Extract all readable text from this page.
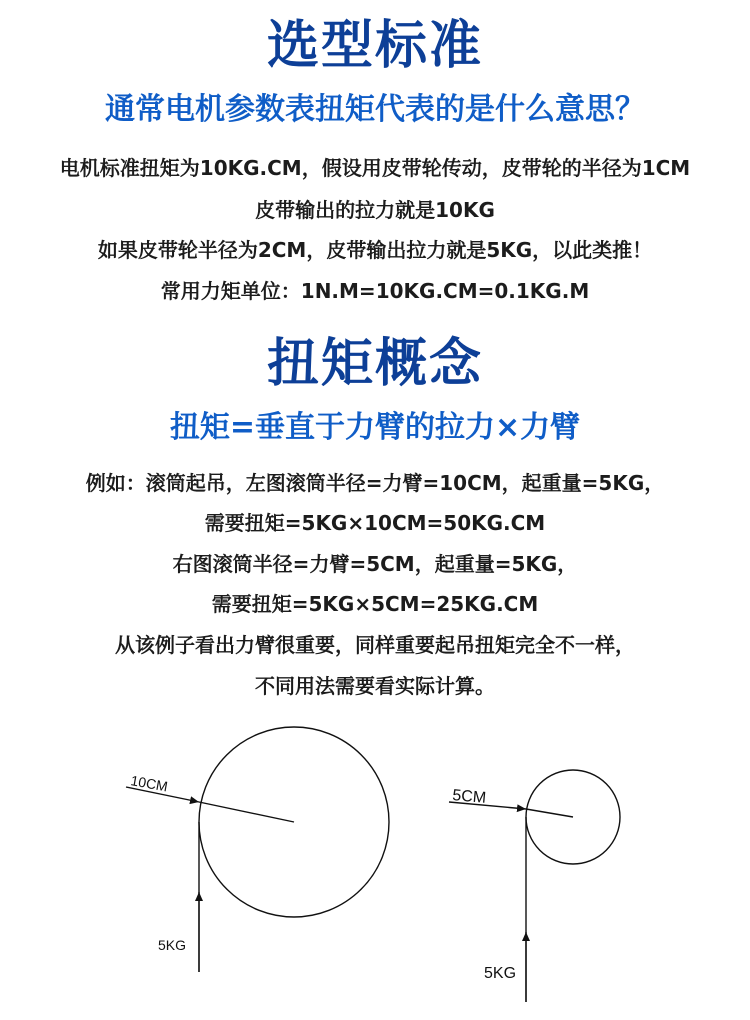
选型标准
通常电机参数表扭矩代表的是什么意思？

电机标准扭矩为10KG.CM，假设用皮带轮传动，皮带轮的半径为1CM

皮带输出的拉力就是10KG

如果皮带轮半径为2CM，皮带输出拉力就是5KG，以此类推！

常用力矩单位：1N.M=10KG.CM=0.1KG.M

扭矩概念
扭矩=垂直于力臂的拉力×力臂

例如：滚筒起吊，左图滚筒半径=力臂=10CM，起重量=5KG，

需要扭矩=5KG×10CM=50KG.CM

右图滚筒半径=力臂=5CM，起重量=5KG，

需要扭矩=5KG×5CM=25KG.CM

从该例子看出力臂很重要，同样重要起吊扭矩完全不一样，

不同用法需要看实际计算。

10CM
5KG
5CM
5KG
